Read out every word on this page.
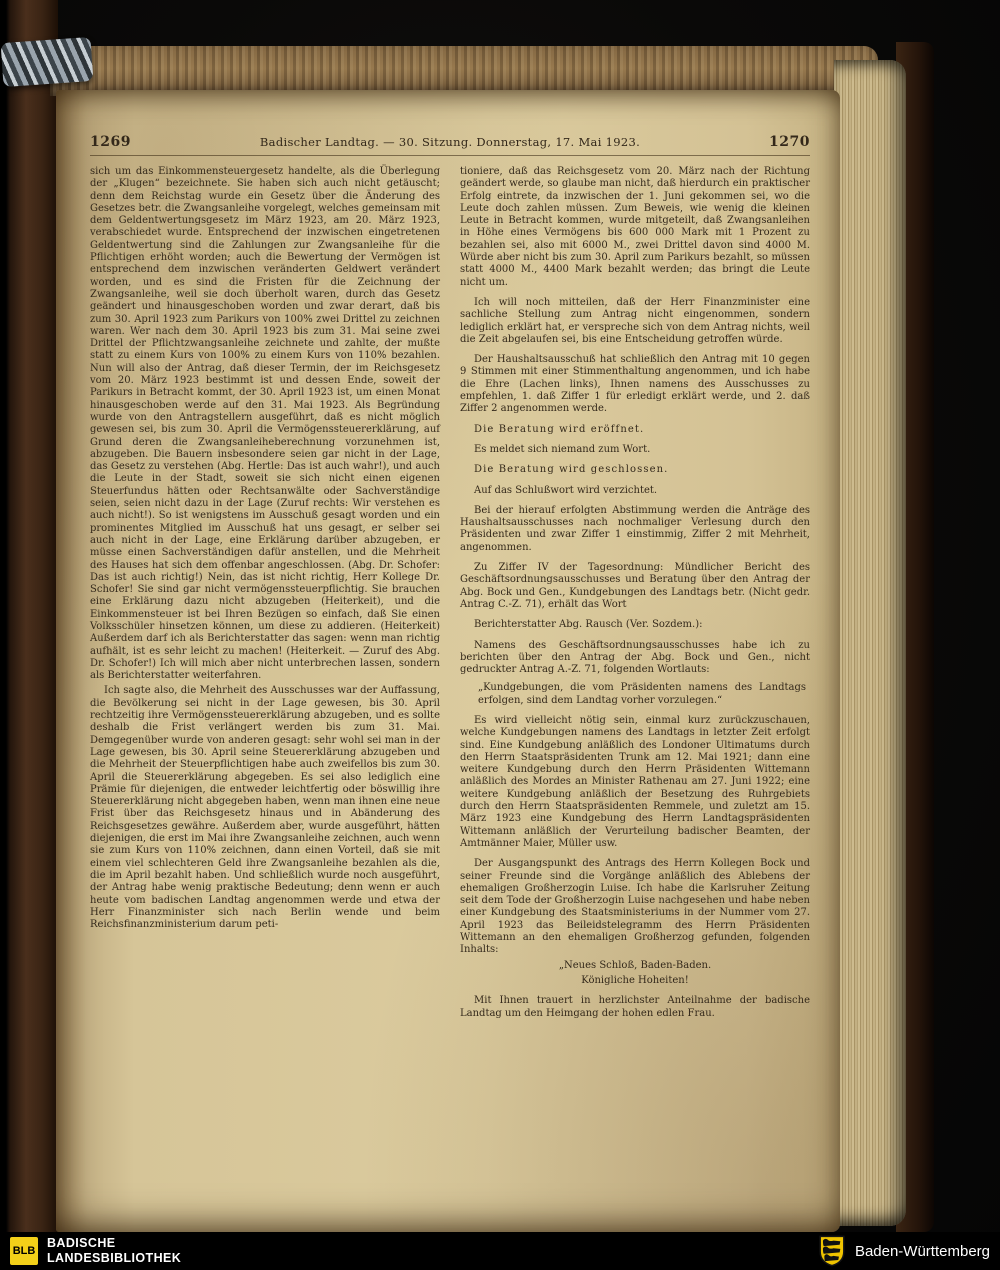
1269	Badischer Landtag. — 30. Sitzung. Donnerstag, 17. Mai 1923.	1270

sich um das Einkommensteuergesetz handelte, als die Überlegung der „Klugen“ bezeichnete. Sie haben sich auch nicht getäuscht; denn dem Reichstag wurde ein Gesetz über die Änderung des Gesetzes betr. die Zwangsanleihe vorgelegt, welches gemeinsam mit dem Geldentwertungsgesetz im März 1923, am 20. März 1923, verabschiedet wurde. Entsprechend der inzwischen eingetretenen Geldentwertung sind die Zahlungen zur Zwangsanleihe für die Pflichtigen erhöht worden; auch die Bewertung der Vermögen ist entsprechend dem inzwischen veränderten Geldwert verändert worden, und es sind die Fristen für die Zeichnung der Zwangsanleihe, weil sie doch überholt waren, durch das Gesetz geändert und hinausgeschoben worden und zwar derart, daß bis zum 30. April 1923 zum Parikurs von 100% zwei Drittel zu zeichnen waren. Wer nach dem 30. April 1923 bis zum 31. Mai seine zwei Drittel der Pflichtzwangsanleihe zeichnete und zahlte, der mußte statt zu einem Kurs von 100% zu einem Kurs von 110% bezahlen. Nun will also der Antrag, daß dieser Termin, der im Reichsgesetz vom 20. März 1923 bestimmt ist und dessen Ende, soweit der Parikurs in Betracht kommt, der 30. April 1923 ist, um einen Monat hinausgeschoben werde auf den 31. Mai 1923. Als Begründung wurde von den Antragstellern ausgeführt, daß es nicht möglich gewesen sei, bis zum 30. April die Vermögenssteuererklärung, auf Grund deren die Zwangsanleiheberechnung vorzunehmen ist, abzugeben. Die Bauern insbesondere seien gar nicht in der Lage, das Gesetz zu verstehen (Abg. Hertle: Das ist auch wahr!), und auch die Leute in der Stadt, soweit sie sich nicht einen eigenen Steuerfundus hätten oder Rechtsanwälte oder Sachverständige seien, seien nicht dazu in der Lage (Zuruf rechts: Wir verstehen es auch nicht!). So ist wenigstens im Ausschuß gesagt worden und ein prominentes Mitglied im Ausschuß hat uns gesagt, er selber sei auch nicht in der Lage, eine Erklärung darüber abzugeben, er müsse einen Sachverständigen dafür anstellen, und die Mehrheit des Hauses hat sich dem offenbar angeschlossen. (Abg. Dr. Schofer: Das ist auch richtig!) Nein, das ist nicht richtig, Herr Kollege Dr. Schofer! Sie sind gar nicht vermögenssteuerpflichtig. Sie brauchen eine Erklärung dazu nicht abzugeben (Heiterkeit), und die Einkommensteuer ist bei Ihren Bezügen so einfach, daß Sie einen Volksschüler hinsetzen können, um diese zu addieren. (Heiterkeit) Außerdem darf ich als Berichterstatter das sagen: wenn man richtig aufhält, ist es sehr leicht zu machen! (Heiterkeit. — Zuruf des Abg. Dr. Schofer!) Ich will mich aber nicht unterbrechen lassen, sondern als Berichterstatter weiterfahren.

Ich sagte also, die Mehrheit des Ausschusses war der Auffassung, die Bevölkerung sei nicht in der Lage gewesen, bis 30. April rechtzeitig ihre Vermögenssteuererklärung abzugeben, und es sollte deshalb die Frist verlängert werden bis zum 31. Mai. Demgegenüber wurde von anderen gesagt: sehr wohl sei man in der Lage gewesen, bis 30. April seine Steuererklärung abzugeben und die Mehrheit der Steuerpflichtigen habe auch zweifellos bis zum 30. April die Steuererklärung abgegeben. Es sei also lediglich eine Prämie für diejenigen, die entweder leichtfertig oder böswillig ihre Steuererklärung nicht abgegeben haben, wenn man ihnen eine neue Frist über das Reichsgesetz hinaus und in Abänderung des Reichsgesetzes gewähre. Außerdem aber, wurde ausgeführt, hätten diejenigen, die erst im Mai ihre Zwangsanleihe zeichnen, auch wenn sie zum Kurs von 110% zeichnen, dann einen Vorteil, daß sie mit einem viel schlechteren Geld ihre Zwangsanleihe bezahlen als die, die im April bezahlt haben. Und schließlich wurde noch ausgeführt, der Antrag habe wenig praktische Bedeutung; denn wenn er auch heute vom badischen Landtag angenommen werde und etwa der Herr Finanzminister sich nach Berlin wende und beim Reichsfinanzministerium darum peti-

tioniere, daß das Reichsgesetz vom 20. März nach der Richtung geändert werde, so glaube man nicht, daß hierdurch ein praktischer Erfolg eintrete, da inzwischen der 1. Juni gekommen sei, wo die Leute doch zahlen müssen. Zum Beweis, wie wenig die kleinen Leute in Betracht kommen, wurde mitgeteilt, daß Zwangsanleihen in Höhe eines Vermögens bis 600 000 Mark mit 1 Prozent zu bezahlen sei, also mit 6000 M., zwei Drittel davon sind 4000 M. Würde aber nicht bis zum 30. April zum Parikurs bezahlt, so müssen statt 4000 M., 4400 Mark bezahlt werden; das bringt die Leute nicht um.

Ich will noch mitteilen, daß der Herr Finanzminister eine sachliche Stellung zum Antrag nicht eingenommen, sondern lediglich erklärt hat, er verspreche sich von dem Antrag nichts, weil die Zeit abgelaufen sei, bis eine Entscheidung getroffen würde.

Der Haushaltsausschuß hat schließlich den Antrag mit 10 gegen 9 Stimmen mit einer Stimmenthaltung angenommen, und ich habe die Ehre (Lachen links), Ihnen namens des Ausschusses zu empfehlen, 1. daß Ziffer 1 für erledigt erklärt werde, und 2. daß Ziffer 2 angenommen werde.

Die Beratung wird eröffnet.

Es meldet sich niemand zum Wort.

Die Beratung wird geschlossen.

Auf das Schlußwort wird verzichtet.

Bei der hierauf erfolgten Abstimmung werden die Anträge des Haushaltsausschusses nach nochmaliger Verlesung durch den Präsidenten und zwar Ziffer 1 einstimmig, Ziffer 2 mit Mehrheit, angenommen.

Zu Ziffer IV der Tagesordnung: Mündlicher Bericht des Geschäftsordnungsausschusses und Beratung über den Antrag der Abg. Bock und Gen., Kundgebungen des Landtags betr. (Nicht gedr. Antrag C.-Z. 71), erhält das Wort

Berichterstatter Abg. Rausch (Ver. Sozdem.):

Namens des Geschäftsordnungsausschusses habe ich zu berichten über den Antrag der Abg. Bock und Gen., nicht gedruckter Antrag A.-Z. 71, folgenden Wortlauts:

„Kundgebungen, die vom Präsidenten namens des Landtags erfolgen, sind dem Landtag vorher vorzulegen.“

Es wird vielleicht nötig sein, einmal kurz zurückzuschauen, welche Kundgebungen namens des Landtags in letzter Zeit erfolgt sind. Eine Kundgebung anläßlich des Londoner Ultimatums durch den Herrn Staatspräsidenten Trunk am 12. Mai 1921; dann eine weitere Kundgebung durch den Herrn Präsidenten Wittemann anläßlich des Mordes an Minister Rathenau am 27. Juni 1922; eine weitere Kundgebung anläßlich der Besetzung des Ruhrgebiets durch den Herrn Staatspräsidenten Remmele, und zuletzt am 15. März 1923 eine Kundgebung des Herrn Landtagspräsidenten Wittemann anläßlich der Verurteilung badischer Beamten, der Amtmänner Maier, Müller usw.

Der Ausgangspunkt des Antrags des Herrn Kollegen Bock und seiner Freunde sind die Vorgänge anläßlich des Ablebens der ehemaligen Großherzogin Luise. Ich habe die Karlsruher Zeitung seit dem Tode der Großherzogin Luise nachgesehen und habe neben einer Kundgebung des Staatsministeriums in der Nummer vom 27. April 1923 das Beileidstelegramm des Herrn Präsidenten Wittemann an den ehemaligen Großherzog gefunden, folgenden Inhalts:

„Neues Schloß, Baden-Baden.

Königliche Hoheiten!

Mit Ihnen trauert in herzlichster Anteilnahme der badische Landtag um den Heimgang der hohen edlen Frau.

BLB
BADISCHE
LANDESBIBLIOTHEK	Baden-Württemberg
